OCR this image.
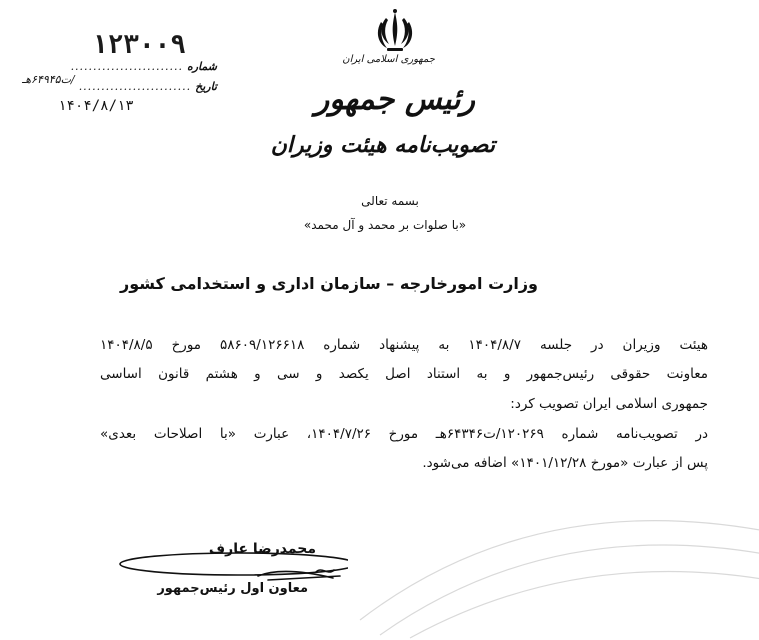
جمهوری اسلامی ایران
رئیس جمهور
تصویب‌نامه هیئت وزیران
۱۲۳۰۰۹
شماره
.........................
/ت۶۴۹۴۵هـ
تاریخ
.........................
۱۴۰۴/۸/۱۳
بسمه تعالی
«با صلوات بر محمد و آل محمد»
وزارت امورخارجه – سازمان اداری و استخدامی کشور
هیئت وزیران در جلسه ۱۴۰۴/۸/۷ به پیشنهاد شماره ۵۸۶۰۹/۱۲۶۶۱۸ مورخ ۱۴۰۴/۸/۵
معاونت حقوقی رئیس‌جمهور و به استناد اصل یکصد و سی و هشتم قانون اساسی
جمهوری اسلامی ایران تصویب کرد:
در تصویب‌نامه شماره ۱۲۰۲۶۹/ت۶۴۳۴۶هـ مورخ ۱۴۰۴/۷/۲۶، عبارت «با اصلاحات بعدی»
پس از عبارت «مورخ ۱۴۰۱/۱۲/۲۸» اضافه می‌شود.
محمدرضا عارف
معاون اول رئیس‌جمهور
